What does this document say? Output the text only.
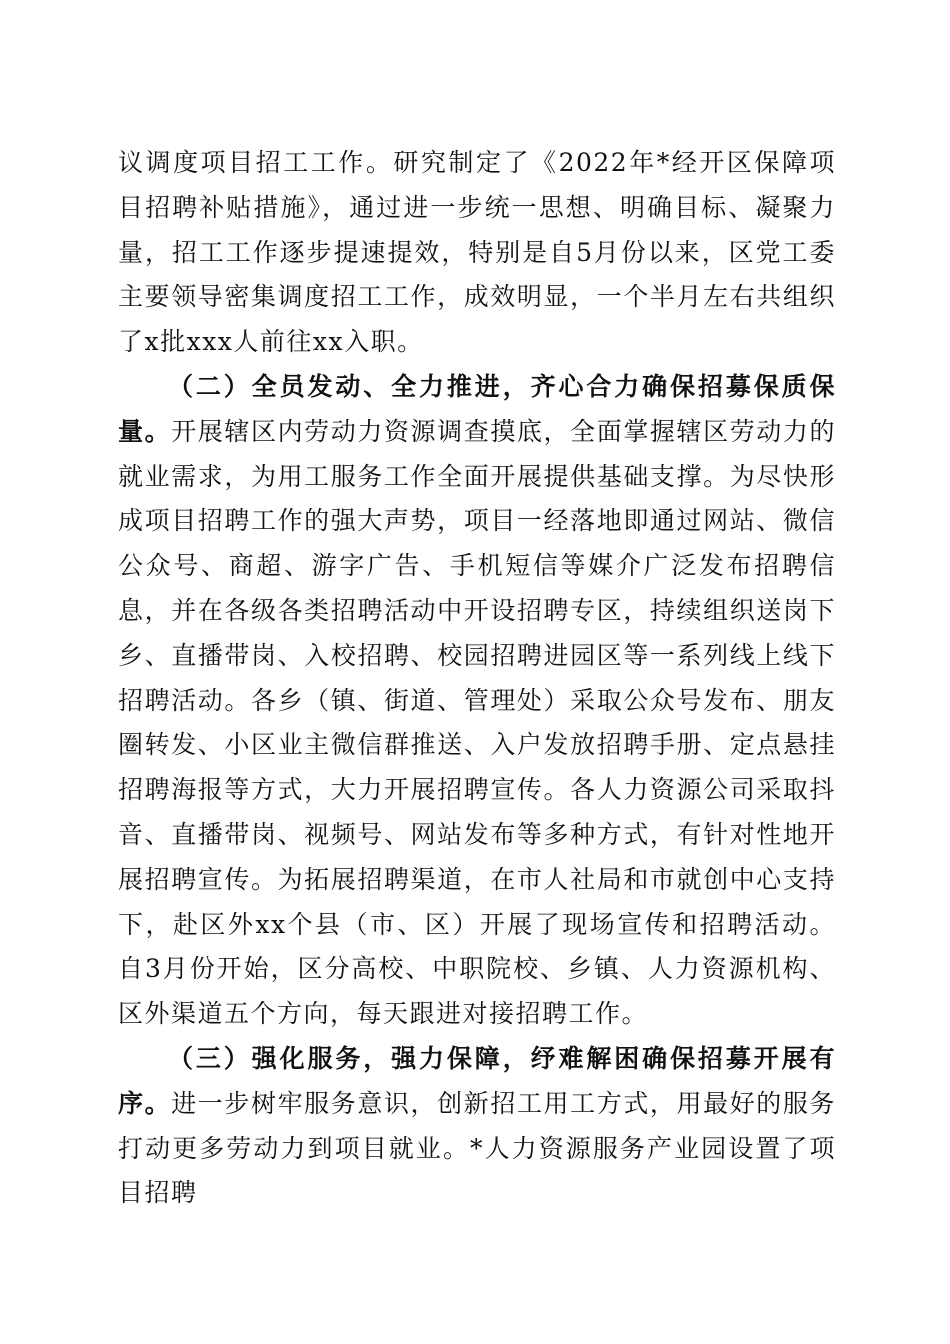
议调度项目招工工作。研究制定了《2022年*经开区保障项目招聘补贴措施》，通过进一步统一思想、明确目标、凝聚力量，招工工作逐步提速提效，特别是自5月份以来，区党工委主要领导密集调度招工工作，成效明显，一个半月左右共组织了x批xxx人前往xx入职。

（二）全员发动、全力推进，齐心合力确保招募保质保量。开展辖区内劳动力资源调查摸底，全面掌握辖区劳动力的就业需求，为用工服务工作全面开展提供基础支撑。为尽快形成项目招聘工作的强大声势，项目一经落地即通过网站、微信公众号、商超、游字广告、手机短信等媒介广泛发布招聘信息，并在各级各类招聘活动中开设招聘专区，持续组织送岗下乡、直播带岗、入校招聘、校园招聘进园区等一系列线上线下招聘活动。各乡（镇、街道、管理处）采取公众号发布、朋友圈转发、小区业主微信群推送、入户发放招聘手册、定点悬挂招聘海报等方式，大力开展招聘宣传。各人力资源公司采取抖音、直播带岗、视频号、网站发布等多种方式，有针对性地开展招聘宣传。为拓展招聘渠道，在市人社局和市就创中心支持下，赴区外xx个县（市、区）开展了现场宣传和招聘活动。自3月份开始，区分高校、中职院校、乡镇、人力资源机构、区外渠道五个方向，每天跟进对接招聘工作。

（三）强化服务，强力保障，纾难解困确保招募开展有序。进一步树牢服务意识，创新招工用工方式，用最好的服务打动更多劳动力到项目就业。*人力资源服务产业园设置了项目招聘
